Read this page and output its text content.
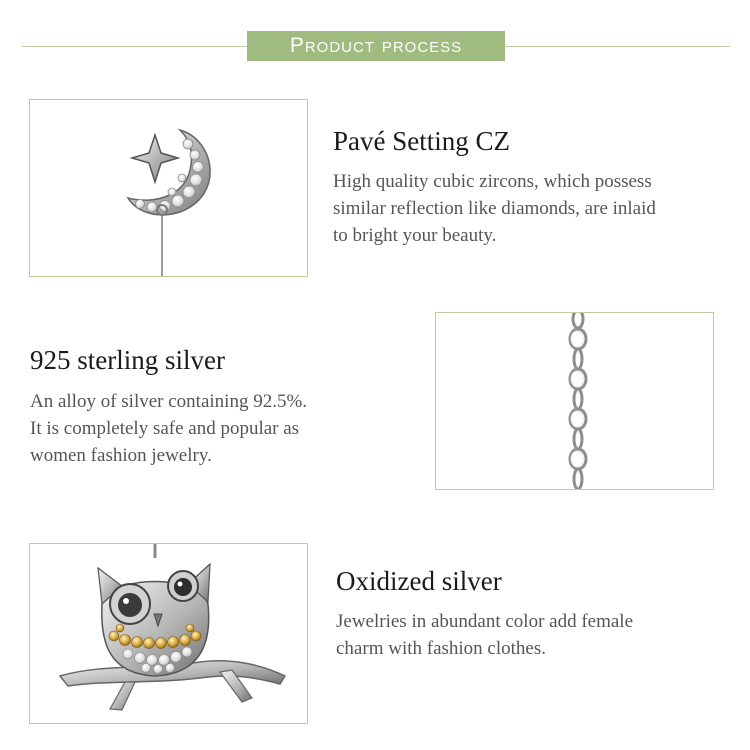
Product process
Pavé Setting CZ
High quality cubic zircons, which possess
similar reflection like diamonds, are inlaid
to bright your beauty.
925 sterling silver
An alloy of silver containing 92.5%.
It is completely safe and popular as
women fashion jewelry.
Oxidized silver
Jewelries in abundant color add female
charm with fashion clothes.
